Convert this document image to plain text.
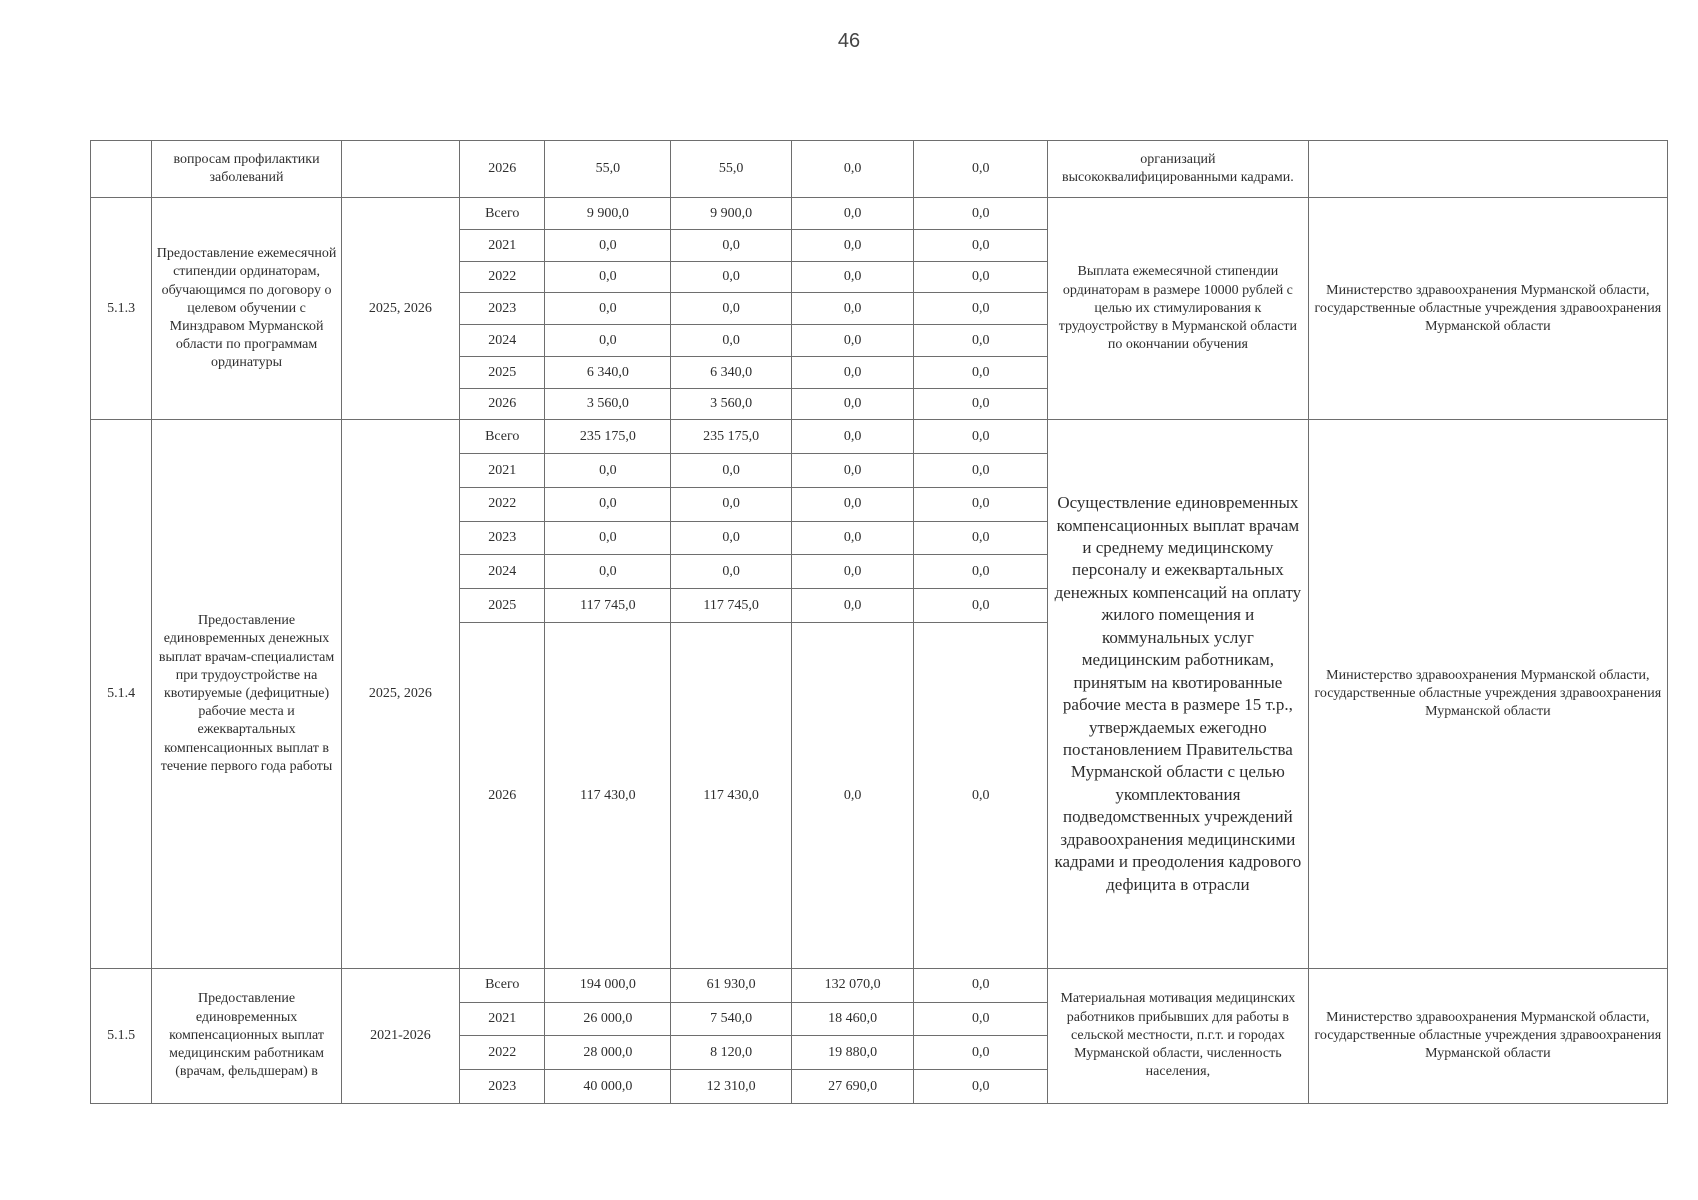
46
	вопросам профилактики заболеваний		2026	55,0	55,0	0,0	0,0	организаций высококвалифицированными кадрами.	
5.1.3	Предоставление ежемесячной стипендии ординаторам, обучающимся по договору о целевом обучении с Минздравом Мурманской области по программам ординатуры	2025, 2026	Всего	9 900,0	9 900,0	0,0	0,0	Выплата ежемесячной стипендии ординаторам в размере 10000 рублей с целью их стимулирования к трудоустройству в Мурманской области по окончании обучения	Министерство здравоохранения Мурманской области, государственные областные учреждения здравоохранения Мурманской области
			2021	0,0	0,0	0,0	0,0		
			2022	0,0	0,0	0,0	0,0		
			2023	0,0	0,0	0,0	0,0		
			2024	0,0	0,0	0,0	0,0		
			2025	6 340,0	6 340,0	0,0	0,0		
			2026	3 560,0	3 560,0	0,0	0,0		
5.1.4	Предоставление единовременных денежных выплат врачам-специалистам при трудоустройстве на квотируемые (дефицитные) рабочие места и ежеквартальных компенсационных выплат в течение первого года работы	2025, 2026	Всего	235 175,0	235 175,0	0,0	0,0	Осуществление единовременных компенсационных выплат врачам и среднему медицинскому персоналу и ежеквартальных денежных компенсаций на оплату жилого помещения и коммунальных услуг медицинским работникам, принятым на квотированные рабочие места в размере 15 т.р., утверждаемых ежегодно постановлением Правительства Мурманской области с целью укомплектования подведомственных учреждений здравоохранения медицинскими кадрами и преодоления кадрового дефицита в отрасли	Министерство здравоохранения Мурманской области, государственные областные учреждения здравоохранения Мурманской области
			2021	0,0	0,0	0,0	0,0		
			2022	0,0	0,0	0,0	0,0		
			2023	0,0	0,0	0,0	0,0		
			2024	0,0	0,0	0,0	0,0		
			2025	117 745,0	117 745,0	0,0	0,0		
			2026	117 430,0	117 430,0	0,0	0,0		
5.1.5	Предоставление единовременных компенсационных выплат медицинским работникам (врачам, фельдшерам) в	2021-2026	Всего	194 000,0	61 930,0	132 070,0	0,0	Материальная мотивация медицинских работников прибывших для работы в сельской местности, п.г.т. и городах Мурманской области, численность населения,	Министерство здравоохранения Мурманской области, государственные областные учреждения здравоохранения Мурманской области
			2021	26 000,0	7 540,0	18 460,0	0,0		
			2022	28 000,0	8 120,0	19 880,0	0,0		
			2023	40 000,0	12 310,0	27 690,0	0,0		
